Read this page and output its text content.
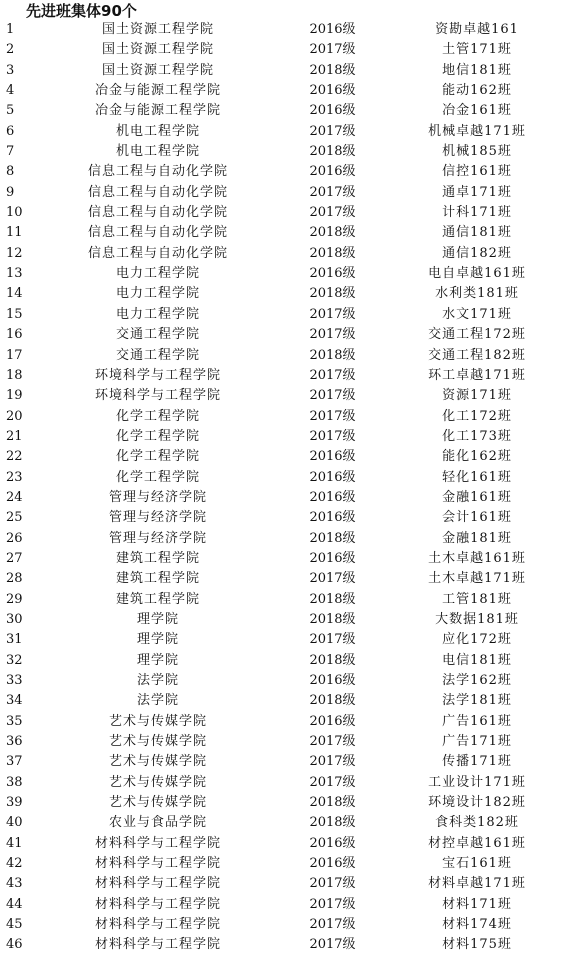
先进班集体90个
1	国土资源工程学院	2016级	资勘卓越161
2	国土资源工程学院	2017级	土管171班
3	国土资源工程学院	2018级	地信181班
4	冶金与能源工程学院	2016级	能动162班
5	冶金与能源工程学院	2016级	冶金161班
6	机电工程学院	2017级	机械卓越171班
7	机电工程学院	2018级	机械185班
8	信息工程与自动化学院	2016级	信控161班
9	信息工程与自动化学院	2017级	通卓171班
10	信息工程与自动化学院	2017级	计科171班
11	信息工程与自动化学院	2018级	通信181班
12	信息工程与自动化学院	2018级	通信182班
13	电力工程学院	2016级	电自卓越161班
14	电力工程学院	2018级	水利类181班
15	电力工程学院	2017级	水文171班
16	交通工程学院	2017级	交通工程172班
17	交通工程学院	2018级	交通工程182班
18	环境科学与工程学院	2017级	环工卓越171班
19	环境科学与工程学院	2017级	资源171班
20	化学工程学院	2017级	化工172班
21	化学工程学院	2017级	化工173班
22	化学工程学院	2016级	能化162班
23	化学工程学院	2016级	轻化161班
24	管理与经济学院	2016级	金融161班
25	管理与经济学院	2016级	会计161班
26	管理与经济学院	2018级	金融181班
27	建筑工程学院	2016级	土木卓越161班
28	建筑工程学院	2017级	土木卓越171班
29	建筑工程学院	2018级	工管181班
30	理学院	2018级	大数据181班
31	理学院	2017级	应化172班
32	理学院	2018级	电信181班
33	法学院	2016级	法学162班
34	法学院	2018级	法学181班
35	艺术与传媒学院	2016级	广告161班
36	艺术与传媒学院	2017级	广告171班
37	艺术与传媒学院	2017级	传播171班
38	艺术与传媒学院	2017级	工业设计171班
39	艺术与传媒学院	2018级	环境设计182班
40	农业与食品学院	2018级	食科类182班
41	材料科学与工程学院	2016级	材控卓越161班
42	材料科学与工程学院	2016级	宝石161班
43	材料科学与工程学院	2017级	材料卓越171班
44	材料科学与工程学院	2017级	材料171班
45	材料科学与工程学院	2017级	材料174班
46	材料科学与工程学院	2017级	材料175班
